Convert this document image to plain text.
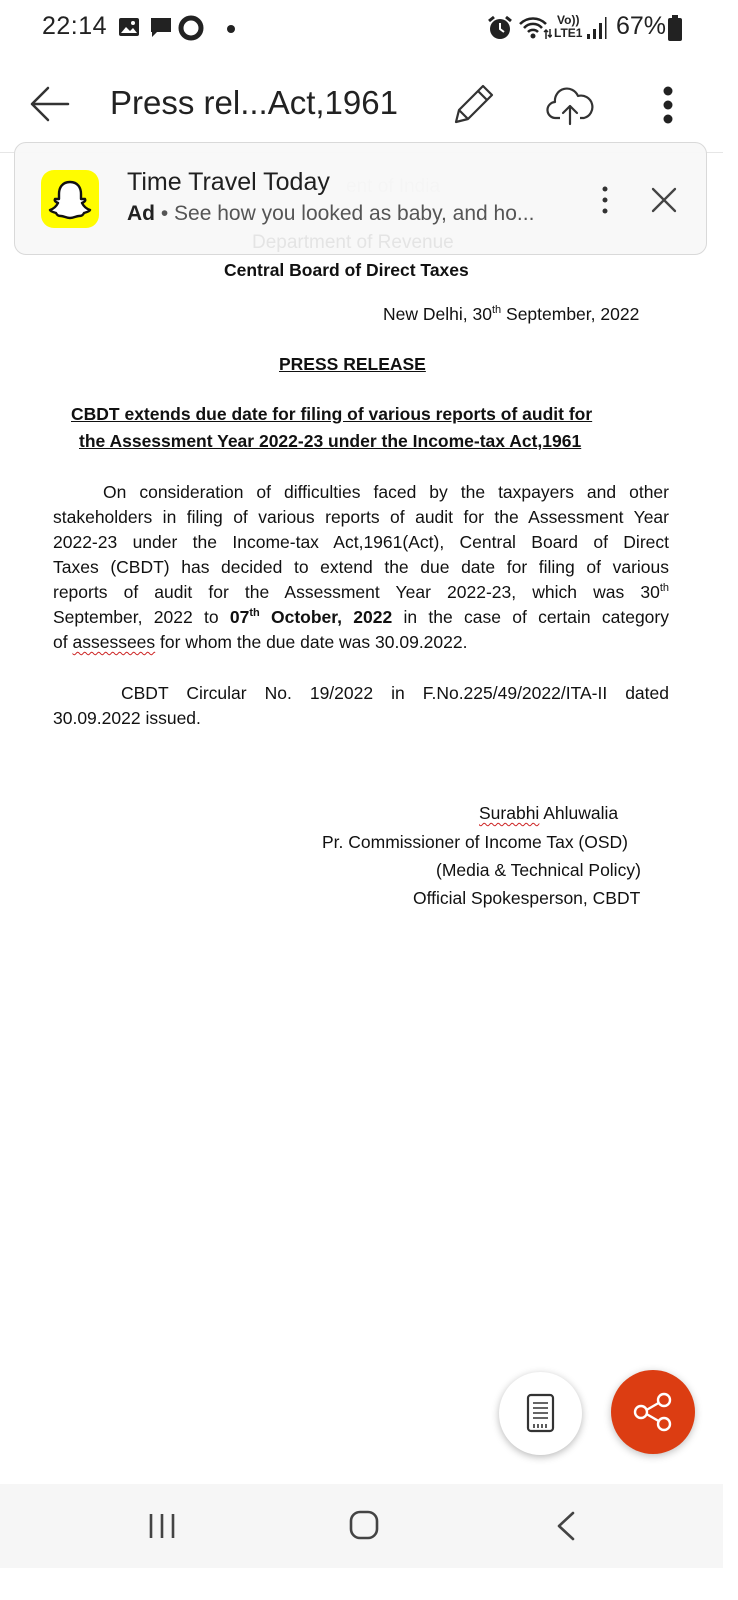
22:14	Vo))
LTE1 67%
Press rel...Act,1961
Time Travel Today
Ad • See how you looked as baby, and ho...
Department of Revenue
Central Board of Direct Taxes
New Delhi, 30th September, 2022
PRESS RELEASE
CBDT extends due date for filing of various reports of audit for
the Assessment Year 2022-23 under the Income-tax Act,1961
On consideration of difficulties faced by the taxpayers and other
stakeholders in filing of various reports of audit for the Assessment Year
2022-23 under the Income-tax Act,1961(Act), Central Board of Direct
Taxes (CBDT) has decided to extend the due date for filing of various
reports of audit for the Assessment Year 2022-23, which was 30th
September, 2022 to 07th October, 2022 in the case of certain category
of assessees for whom the due date was 30.09.2022.
CBDT Circular No. 19/2022 in F.No.225/49/2022/ITA-II dated
30.09.2022 issued.
Surabhi Ahluwalia
Pr. Commissioner of Income Tax (OSD)
(Media & Technical Policy)
Official Spokesperson, CBDT
